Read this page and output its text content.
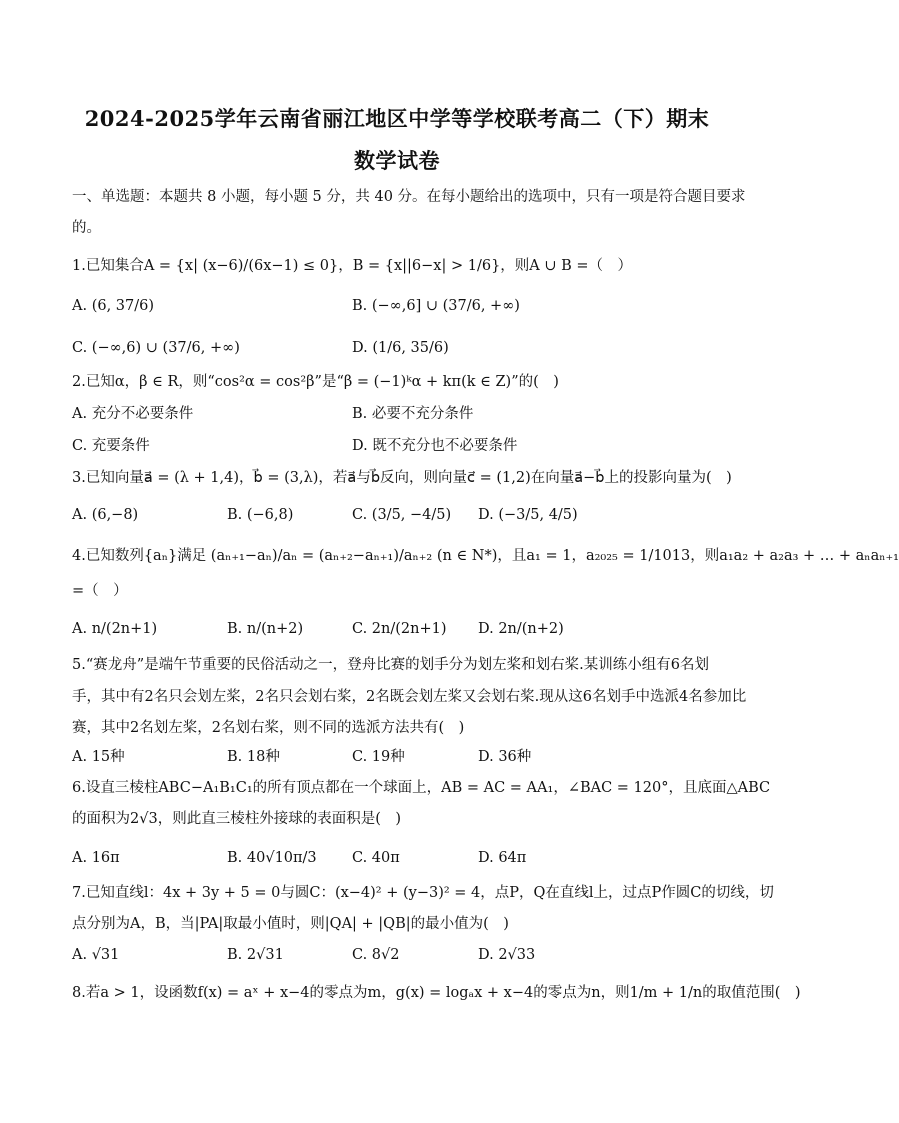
2024-2025学年云南省丽江地区中学等学校联考高二（下）期末
数学试卷
一、单选题：本题共 8 小题，每小题 5 分，共 40 分。在每小题给出的选项中，只有一项是符合题目要求
的。
1.已知集合A = {x| (x−6)/(6x−1) ≤ 0}，B = {x||6−x| > 1/6}，则A ∪ B =（　）
A. (6, 37/6)	B. (−∞,6] ∪ (37/6, +∞)
C. (−∞,6) ∪ (37/6, +∞)	D. (1/6, 35/6)
2.已知α，β ∈ R，则“cos²α = cos²β”是“β = (−1)ᵏα + kπ(k ∈ Z)”的(　)
A. 充分不必要条件	B. 必要不充分条件
C. 充要条件	D. 既不充分也不必要条件
3.已知向量a⃗ = (λ + 1,4)，b⃗ = (3,λ)，若a⃗与b⃗反向，则向量c⃗ = (1,2)在向量a⃗−b⃗上的投影向量为(　)
A. (6,−8)	B. (−6,8)	C. (3/5, −4/5) D. (−3/5, 4/5)
4.已知数列{aₙ}满足 (aₙ₊₁−aₙ)/aₙ = (aₙ₊₂−aₙ₊₁)/aₙ₊₂ (n ∈ N*)，且a₁ = 1，a₂₀₂₅ = 1/1013，则a₁a₂ + a₂a₃ + … + aₙaₙ₊₁
=（　）
A. n/(2n+1)	B. n/(n+2)	C. 2n/(2n+1) D. 2n/(n+2)
5.“赛龙舟”是端午节重要的民俗活动之一，登舟比赛的划手分为划左桨和划右桨.某训练小组有6名划
手，其中有2名只会划左桨，2名只会划右桨，2名既会划左桨又会划右桨.现从这6名划手中选派4名参加比
赛，其中2名划左桨，2名划右桨，则不同的选派方法共有(　)
A. 15种	B. 18种	C. 19种	D. 36种
6.设直三棱柱ABC−A₁B₁C₁的所有顶点都在一个球面上，AB = AC = AA₁，∠BAC = 120°，且底面△ABC
的面积为2√3，则此直三棱柱外接球的表面积是(　)
A. 16π	B. 40√10π/3 C. 40π	D. 64π
7.已知直线l：4x + 3y + 5 = 0与圆C：(x−4)² + (y−3)² = 4，点P，Q在直线l上，过点P作圆C的切线，切
点分别为A，B，当|PA|取最小值时，则|QA| + |QB|的最小值为(　)
A. √31	B. 2√31	C. 8√2	D. 2√33
8.若a > 1，设函数f(x) = aˣ + x−4的零点为m，g(x) = logₐx + x−4的零点为n，则1/m + 1/n的取值范围(　)
